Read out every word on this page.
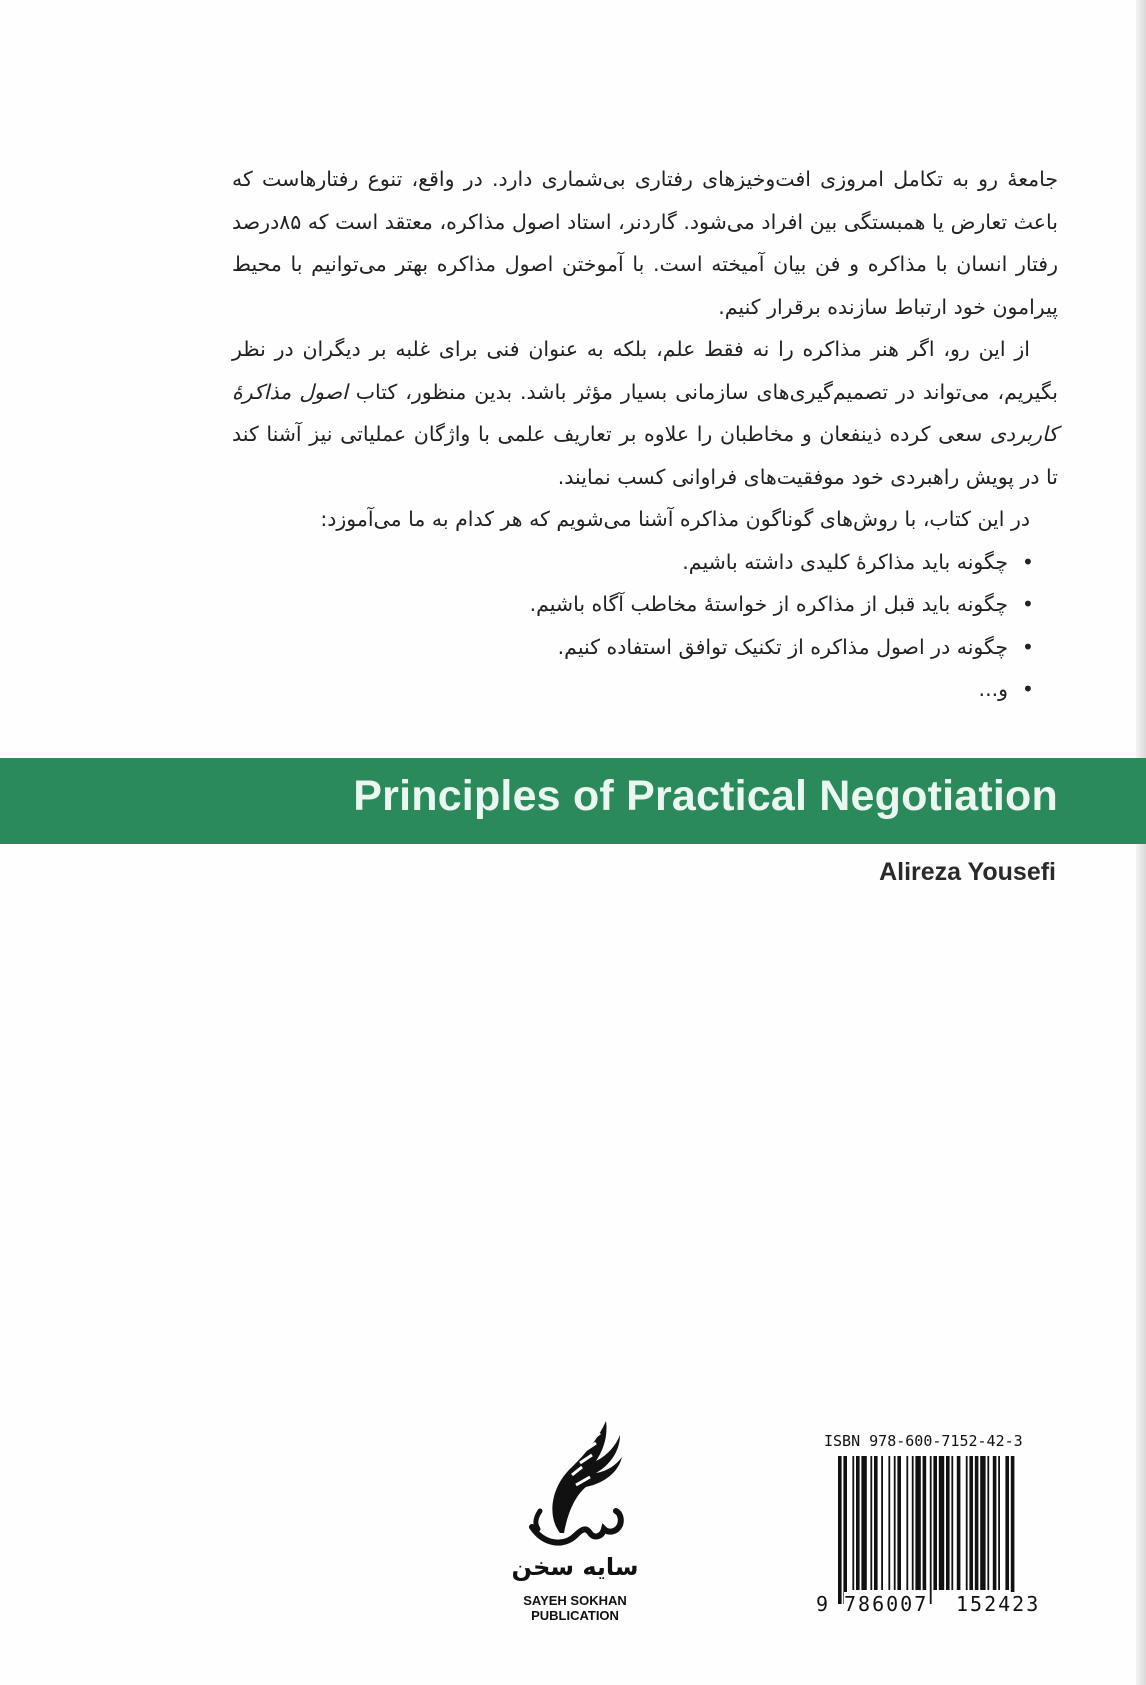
جامعهٔ رو به تکامل امروزی افت‌وخیزهای رفتاری بی‌شماری دارد. در واقع، تنوع رفتارهاست که باعث تعارض یا همبستگی بین افراد می‌شود. گاردنر، استاد اصول مذاکره، معتقد است که ۸۵درصد رفتار انسان با مذاکره و فن بیان آمیخته است. با آموختن اصول مذاکره بهتر می‌توانیم با محیط پیرامون خود ارتباط سازنده برقرار کنیم.

از این رو، اگر هنر مذاکره را نه فقط علم، بلکه به عنوان فنی برای غلبه بر دیگران در نظر بگیریم، می‌تواند در تصمیم‌گیری‌های سازمانی بسیار مؤثر باشد. بدین منظور، کتاب اصول مذاکرهٔ کاربردی سعی کرده ذینفعان و مخاطبان را علاوه بر تعاریف علمی با واژگان عملیاتی نیز آشنا کند تا در پویش راهبردی خود موفقیت‌های فراوانی کسب نمایند.

در این کتاب، با روش‌های گوناگون مذاکره آشنا می‌شویم که هر کدام به ما می‌آموزد:

• چگونه باید مذاکرهٔ کلیدی داشته باشیم.
• چگونه باید قبل از مذاکره از خواستهٔ مخاطب آگاه باشیم.
• چگونه در اصول مذاکره از تکنیک توافق استفاده کنیم.
• و...
Principles of Practical Negotiation
Alireza Yousefi
سایه سخن
SAYEH SOKHAN
PUBLICATION
ISBN 978-600-7152-42-3
9 786007 152423
